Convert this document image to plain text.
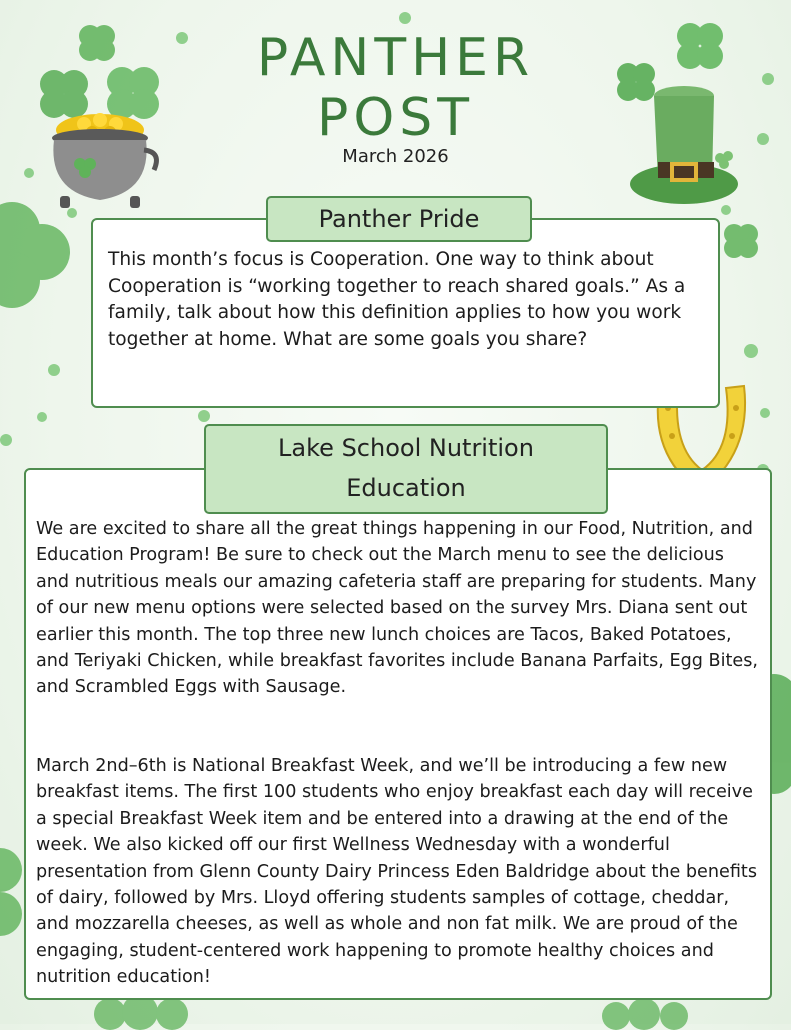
PANTHER
POST
March 2026
Panther Pride

This month’s focus is Cooperation. One way to think about Cooperation is “working together to reach shared goals.” As a family, talk about how this definition applies to how you work together at home. What are some goals you share?

Lake School Nutrition
Education

We are excited to share all the great things happening in our Food, Nutrition, and Education Program! Be sure to check out the March menu to see the delicious and nutritious meals our amazing cafeteria staff are preparing for students. Many of our new menu options were selected based on the survey Mrs. Diana sent out earlier this month. The top three new lunch choices are Tacos, Baked Potatoes, and Teriyaki Chicken, while breakfast favorites include Banana Parfaits, Egg Bites, and Scrambled Eggs with Sausage.

March 2nd–6th is National Breakfast Week, and we’ll be introducing a few new breakfast items. The first 100 students who enjoy breakfast each day will receive a special Breakfast Week item and be entered into a drawing at the end of the week. We also kicked off our first Wellness Wednesday with a wonderful presentation from Glenn County Dairy Princess Eden Baldridge about the benefits of dairy, followed by Mrs. Lloyd offering students samples of cottage, cheddar, and mozzarella cheeses, as well as whole and non fat milk. We are proud of the engaging, student-centered work happening to promote healthy choices and nutrition education!
